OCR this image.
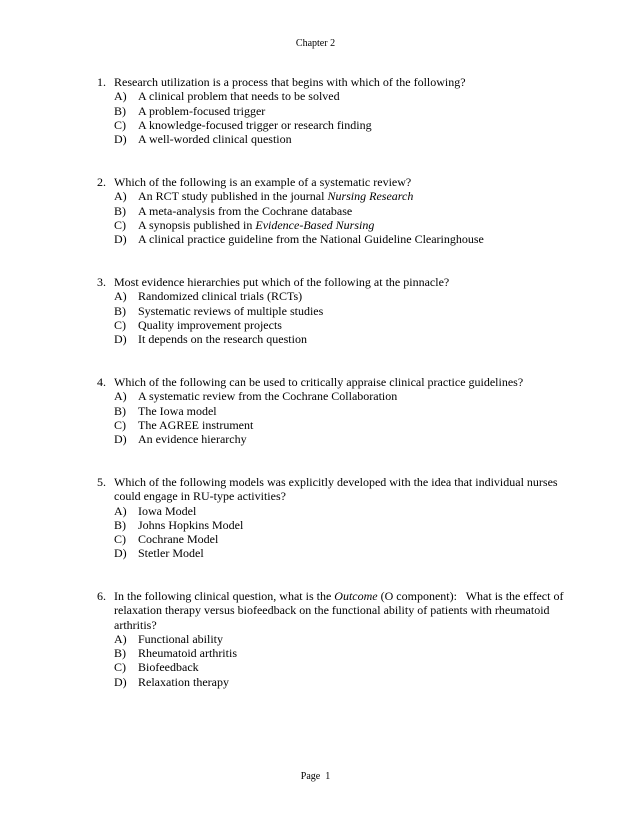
Chapter 2
1. Research utilization is a process that begins with which of the following?
A) A clinical problem that needs to be solved
B)	A problem-focused trigger
C)	A knowledge-focused trigger or research finding
D) A well-worded clinical question
2. Which of the following is an example of a systematic review?
A) An RCT study published in the journal Nursing Research
B)	A meta-analysis from the Cochrane database
C)	A synopsis published in Evidence-Based Nursing
D) A clinical practice guideline from the National Guideline Clearinghouse
3. Most evidence hierarchies put which of the following at the pinnacle?
A) Randomized clinical trials (RCTs)
B)	Systematic reviews of multiple studies
C)	Quality improvement projects
D) It depends on the research question
4. Which of the following can be used to critically appraise clinical practice guidelines?
A) A systematic review from the Cochrane Collaboration
B)	The Iowa model
C)	The AGREE instrument
D) An evidence hierarchy
5. Which of the following models was explicitly developed with the idea that individual nurses could engage in RU-type activities?
A) Iowa Model
B)	Johns Hopkins Model
C)	Cochrane Model
D) Stetler Model
6. In the following clinical question, what is the Outcome (O component):   What is the effect of relaxation therapy versus biofeedback on the functional ability of patients with rheumatoid arthritis?
A) Functional ability
B)	Rheumatoid arthritis
C)	Biofeedback
D) Relaxation therapy
Page  1
